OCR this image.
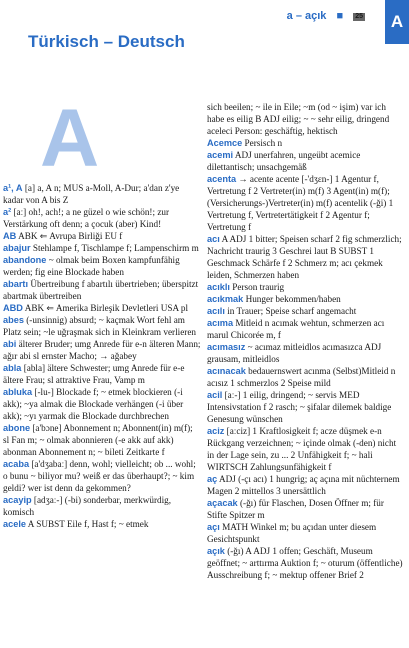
a – açık ■ 25	A
Türkisch – Deutsch
A

a¹, A [a] a, A n; MUS a-Moll, A-Dur; a'dan z'ye kadar von A bis Z

a² [aː] oh!, ach!; a ne güzel o wie schön!; zur Verstärkung oft denn; a çocuk (aber) Kind!

AB ABK ⇐ Avrupa Birliği EU f

abajur Stehlampe f, Tischlampe f; Lampenschirm m

abandone ~ olmak beim Boxen kampfunfähig werden; fig eine Blockade haben

abartı Übertreibung f abartılı übertrieben; überspitzt abartmak übertreiben

ABD ABK ⇐ Amerika Birleşik Devletleri USA pl

abes (-unsinnig) absurd; ~ kaçmak Wort fehl am Platz sein; ~le uğraşmak sich in Kleinkram verlieren

abi älterer Bruder; umg Anrede für e-n älteren Mann; ağır abi sl ernster Macho; → ağabey

abla [abla] ältere Schwester; umg Anrede für e-e ältere Frau; sl attraktive Frau, Vamp m

abluka [-lu-] Blockade f; ~ etmek blockieren (-i akk); ~ya almak die Blockade verhängen (-i über akk); ~yı yarmak die Blockade durchbrechen

abone [a'bɔne] Abonnement n; Abonnent(in) m(f); sl Fan m; ~ olmak abonnieren (-e akk auf akk) abonman Abonnement n; ~ bileti Zeitkarte f

acaba [a'dʒabaː] denn, wohl; vielleicht; ob ... wohl; o bunu ~ biliyor mu? weiß er das überhaupt?; ~ kim geldi? wer ist denn da gekommen?

acayip [adʒaː-] (-bi) sonderbar, merkwürdig, komisch

acele A SUBST Eile f, Hast f; ~ etmek

sich beeilen; ~ ile in Eile; ~m (od ~ işim) var ich habe es eilig B ADJ eilig; ~ ~ sehr eilig, dringend aceleci Person: geschäftig, hektisch

Acemce Persisch n

acemi ADJ unerfahren, ungeübt acemice dilettantisch; unsachgemäß

acenta → acente acente [-'dʒɛn-] 1 Agentur f, Vertretung f 2 Vertreter(in) m(f) 3 Agent(in) m(f); (Versicherungs-)Vertreter(in) m(f) acentelik (-ği) 1 Vertretung f, Vertretertätigkeit f 2 Agentur f; Vertretung f

acı A ADJ 1 bitter; Speisen scharf 2 fig schmerzlich; Nachricht traurig 3 Geschrei laut B SUBST 1 Geschmack Schärfe f 2 Schmerz m; acı çekmek leiden, Schmerzen haben

acıklı Person traurig

acıkmak Hunger bekommen/haben

acılı in Trauer; Speise scharf angemacht

acıma Mitleid n acımak wehtun, schmerzen acı marul Chicorée m, f

acımasız ~ acımaz mitleidlos acımasızca ADJ grausam, mitleidlos

acınacak bedauernswert acınma (Selbst)Mitleid n acısız 1 schmerzlos 2 Speise mild

acil [aː-] 1 eilig, dringend; ~ servis MED Intensivstation f 2 rasch; ~ şifalar dilemek baldige Genesung wünschen

aciz [aːciz] 1 Kraftlosigkeit f; acze düşmek e-n Rückgang verzeichnen; ~ içinde olmak (-den) nicht in der Lage sein, zu ... 2 Unfähigkeit f; ~ hali WIRTSCH Zahlungsunfähigkeit f

aç ADJ (-çı acı) 1 hungrig; aç açına mit nüchternem Magen 2 mittellos 3 unersättlich

açacak (-ğı) für Flaschen, Dosen Öffner m; für Stifte Spitzer m

açı MATH Winkel m; bu açıdan unter diesem Gesichtspunkt

açık (-ğı) A ADJ 1 offen; Geschäft, Museum geöffnet; ~ arttırma Auktion f; ~ oturum (öffentliche) Ausschreibung f; ~ mektup offener Brief 2
